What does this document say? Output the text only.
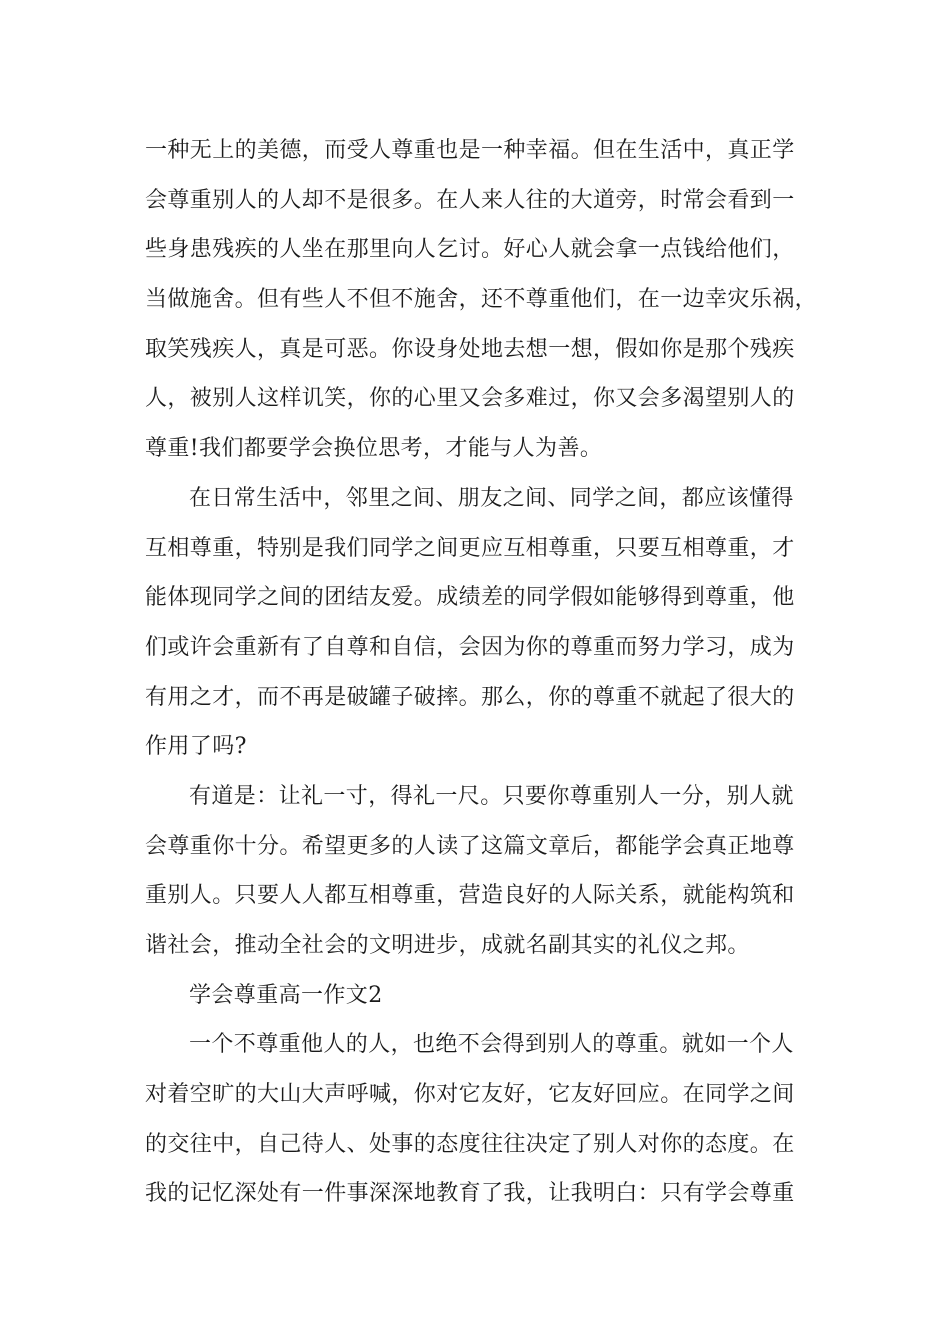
一种无上的美德，而受人尊重也是一种幸福。但在生活中，真正学
会尊重别人的人却不是很多。在人来人往的大道旁，时常会看到一
些身患残疾的人坐在那里向人乞讨。好心人就会拿一点钱给他们，
当做施舍。但有些人不但不施舍，还不尊重他们，在一边幸灾乐祸，
取笑残疾人，真是可恶。你设身处地去想一想，假如你是那个残疾
人，被别人这样讥笑，你的心里又会多难过，你又会多渴望别人的
尊重!我们都要学会换位思考，才能与人为善。
在日常生活中，邻里之间、朋友之间、同学之间，都应该懂得
互相尊重，特别是我们同学之间更应互相尊重，只要互相尊重，才
能体现同学之间的团结友爱。成绩差的同学假如能够得到尊重，他
们或许会重新有了自尊和自信，会因为你的尊重而努力学习，成为
有用之才，而不再是破罐子破摔。那么，你的尊重不就起了很大的
作用了吗?
有道是：让礼一寸，得礼一尺。只要你尊重别人一分，别人就
会尊重你十分。希望更多的人读了这篇文章后，都能学会真正地尊
重别人。只要人人都互相尊重，营造良好的人际关系，就能构筑和
谐社会，推动全社会的文明进步，成就名副其实的礼仪之邦。
学会尊重高一作文2
一个不尊重他人的人，也绝不会得到别人的尊重。就如一个人
对着空旷的大山大声呼喊，你对它友好，它友好回应。在同学之间
的交往中，自己待人、处事的态度往往决定了别人对你的态度。在
我的记忆深处有一件事深深地教育了我，让我明白：只有学会尊重
